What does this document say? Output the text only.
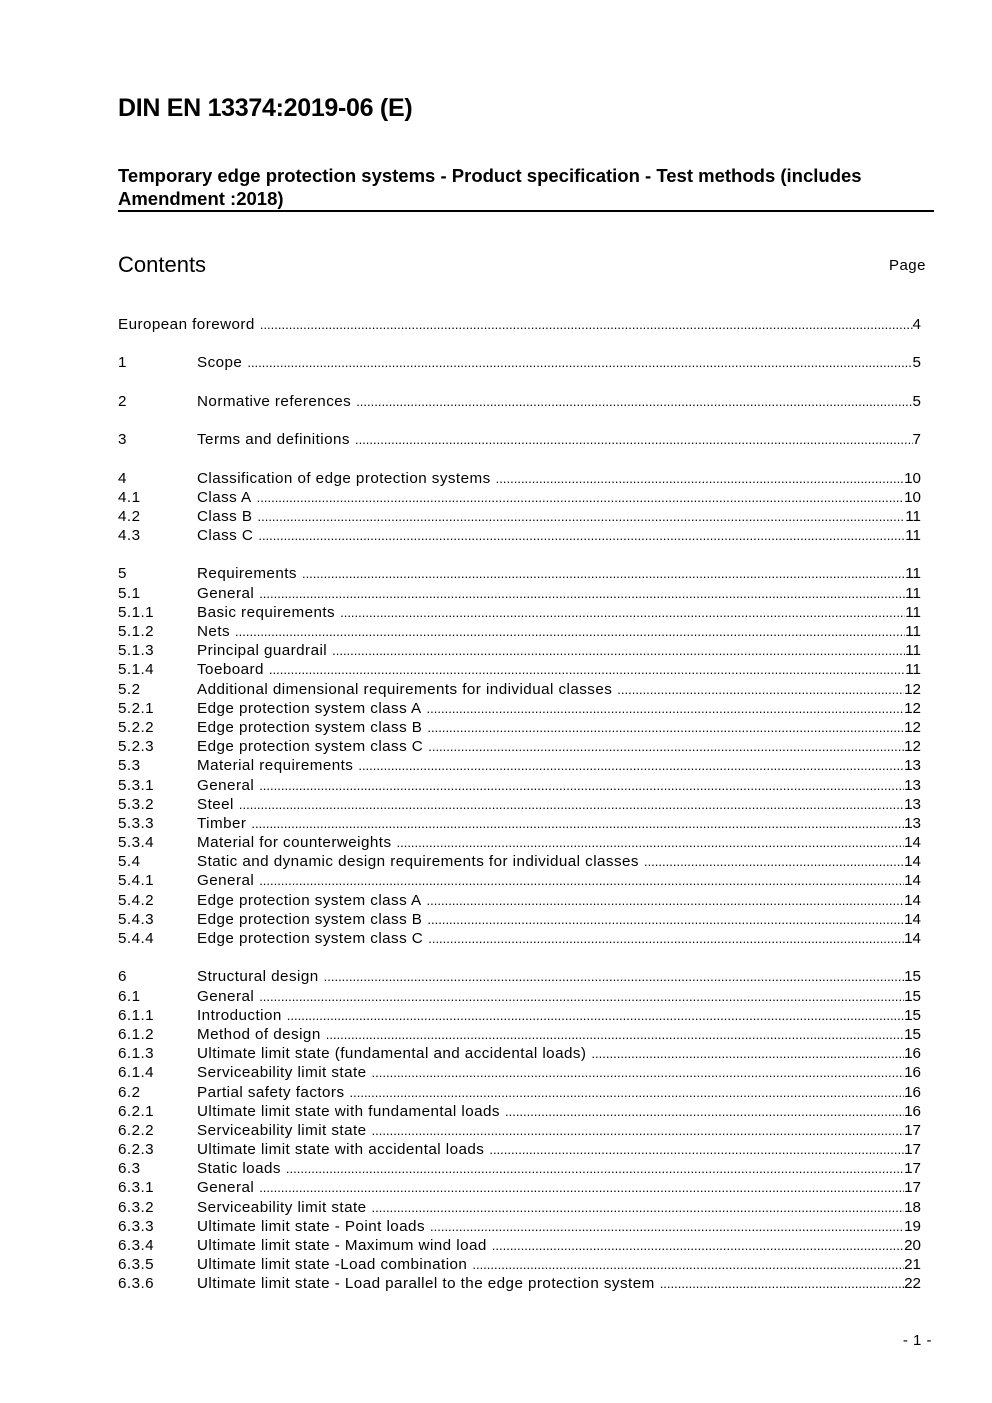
DIN EN 13374:2019-06 (E)
Temporary edge protection systems - Product specification - Test methods (includes Amendment :2018)
Contents	Page
European foreword .....	4
1	Scope .....	5
2	Normative references .....	5
3	Terms and definitions .....	7
4	Classification of edge protection systems .....	10
4.1	Class A .....	10
4.2	Class B .....	11
4.3	Class C .....	11
5	Requirements .....	11
5.1	General .....	11
5.1.1	Basic requirements .....	11
5.1.2	Nets .....	11
5.1.3	Principal guardrail .....	11
5.1.4	Toeboard .....	11
5.2	Additional dimensional requirements for individual classes .....	12
5.2.1	Edge protection system class A .....	12
5.2.2	Edge protection system class B .....	12
5.2.3	Edge protection system class C .....	12
5.3	Material requirements .....	13
5.3.1	General .....	13
5.3.2	Steel .....	13
5.3.3	Timber .....	13
5.3.4	Material for counterweights .....	14
5.4	Static and dynamic design requirements for individual classes .....	14
5.4.1	General .....	14
5.4.2	Edge protection system class A .....	14
5.4.3	Edge protection system class B .....	14
5.4.4	Edge protection system class C .....	14
6	Structural design .....	15
6.1	General .....	15
6.1.1	Introduction .....	15
6.1.2	Method of design .....	15
6.1.3	Ultimate limit state (fundamental and accidental loads) .....	16
6.1.4	Serviceability limit state .....	16
6.2	Partial safety factors .....	16
6.2.1	Ultimate limit state with fundamental loads .....	16
6.2.2	Serviceability limit state .....	17
6.2.3	Ultimate limit state with accidental loads .....	17
6.3	Static loads .....	17
6.3.1	General .....	17
6.3.2	Serviceability limit state .....	18
6.3.3	Ultimate limit state - Point loads .....	19
6.3.4	Ultimate limit state - Maximum wind load .....	20
6.3.5	Ultimate limit state -Load combination .....	21
6.3.6	Ultimate limit state - Load parallel to the edge protection system .....	22
- 1 -
